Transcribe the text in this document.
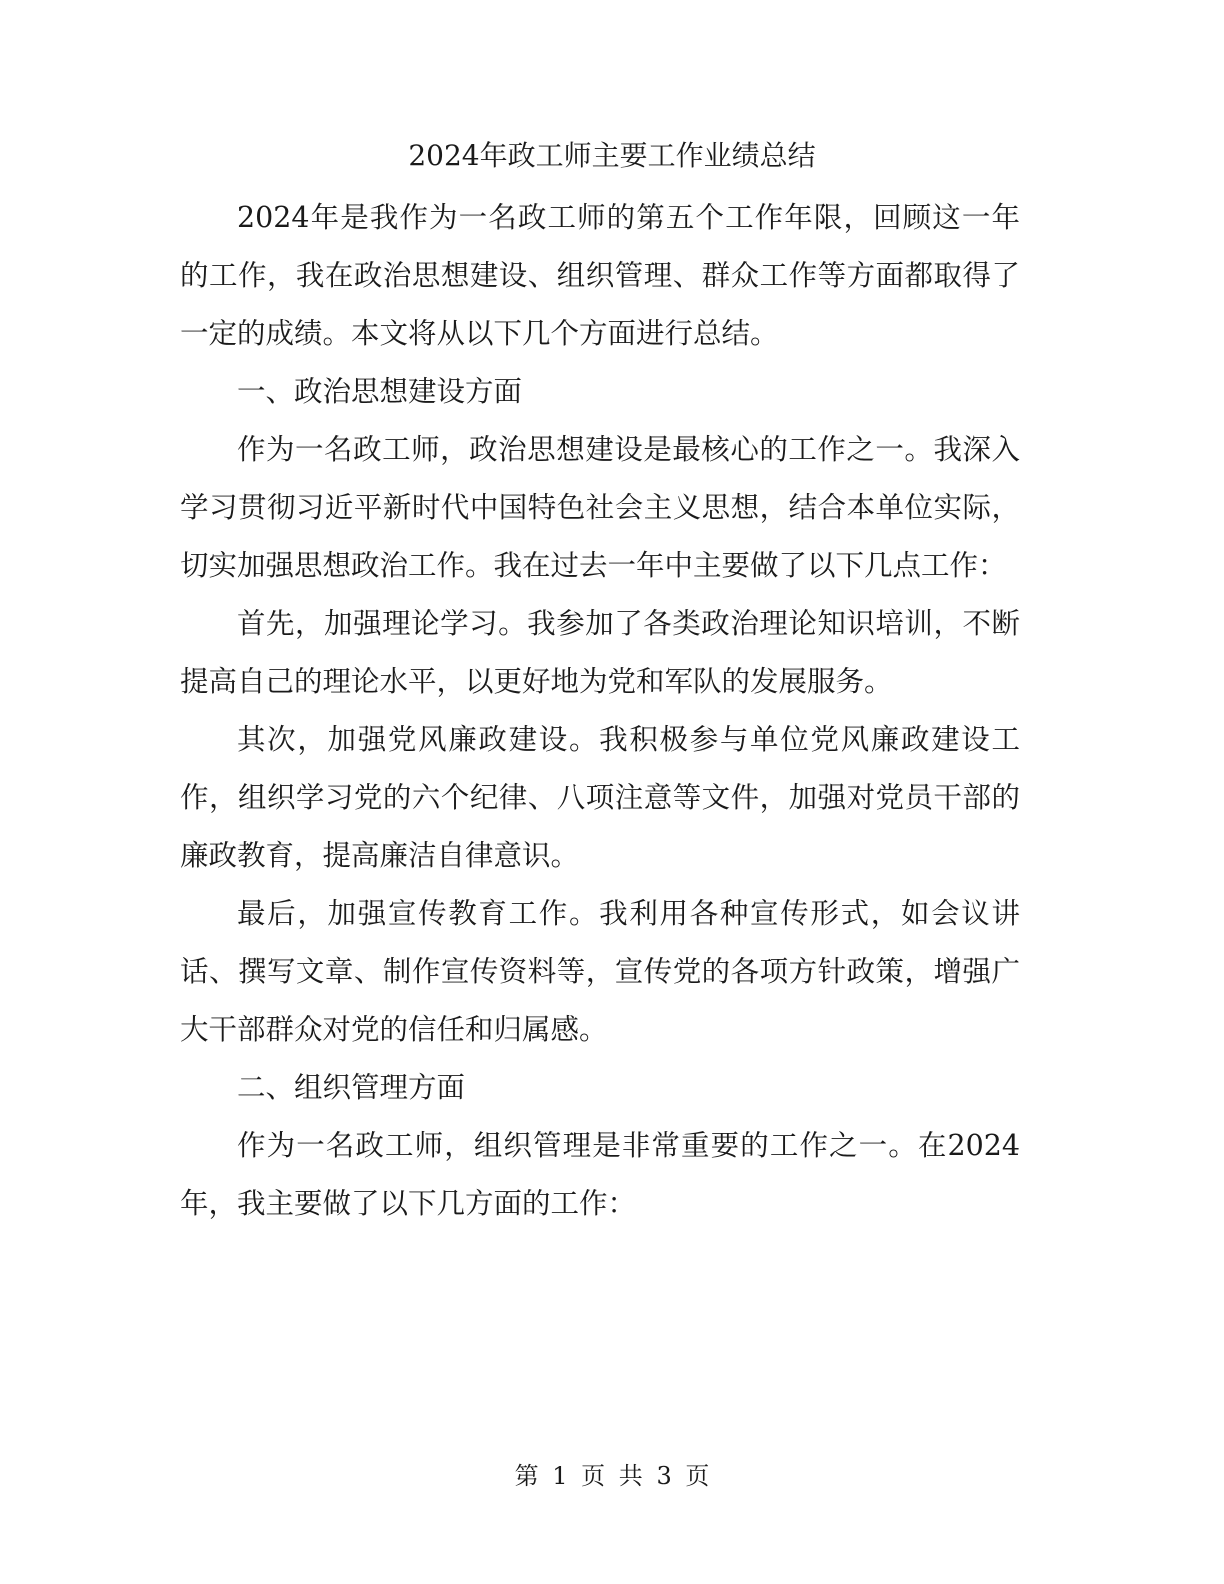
2024年政工师主要工作业绩总结

2024年是我作为一名政工师的第五个工作年限，回顾这一年的工作，我在政治思想建设、组织管理、群众工作等方面都取得了一定的成绩。本文将从以下几个方面进行总结。

一、政治思想建设方面

作为一名政工师，政治思想建设是最核心的工作之一。我深入学习贯彻习近平新时代中国特色社会主义思想，结合本单位实际，切实加强思想政治工作。我在过去一年中主要做了以下几点工作：

首先，加强理论学习。我参加了各类政治理论知识培训，不断提高自己的理论水平，以更好地为党和军队的发展服务。

其次，加强党风廉政建设。我积极参与单位党风廉政建设工作，组织学习党的六个纪律、八项注意等文件，加强对党员干部的廉政教育，提高廉洁自律意识。

最后，加强宣传教育工作。我利用各种宣传形式，如会议讲话、撰写文章、制作宣传资料等，宣传党的各项方针政策，增强广大干部群众对党的信任和归属感。

二、组织管理方面

作为一名政工师，组织管理是非常重要的工作之一。在2024年，我主要做了以下几方面的工作：

第 1 页 共 3 页
